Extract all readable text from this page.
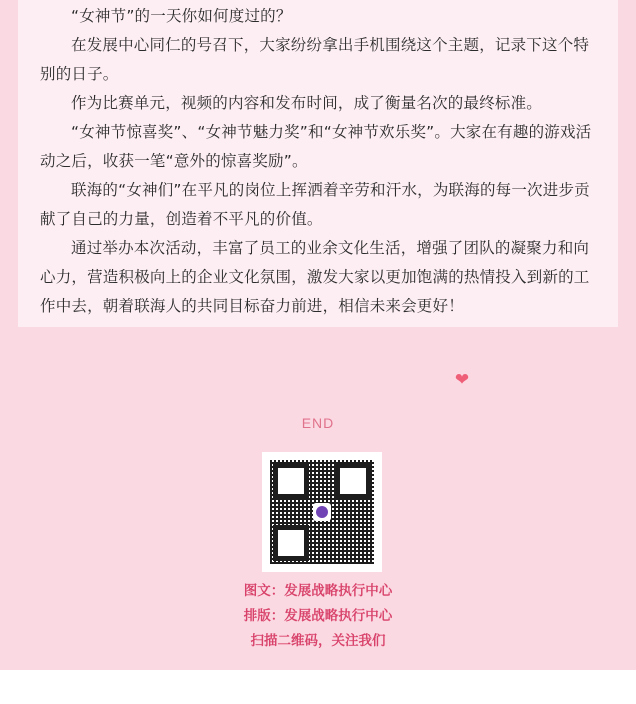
“女神节”的一天你如何度过的？

在发展中心同仁的号召下，大家纷纷拿出手机围绕这个主题，记录下这个特别的日子。

作为比赛单元，视频的内容和发布时间，成了衡量名次的最终标准。

“女神节惊喜奖”、“女神节魅力奖”和“女神节欢乐奖”。大家在有趣的游戏活动之后，收获一笔“意外的惊喜奖励”。

联海的“女神们”在平凡的岗位上挥洒着辛劳和汗水，为联海的每一次进步贡献了自己的力量，创造着不平凡的价值。

通过举办本次活动，丰富了员工的业余文化生活，增强了团队的凝聚力和向心力，营造积极向上的企业文化氛围，激发大家以更加饱满的热情投入到新的工作中去，朝着联海人的共同目标奋力前进，相信未来会更好！

❤
END
图文：发展战略执行中心
排版：发展战略执行中心
扫描二维码，关注我们
